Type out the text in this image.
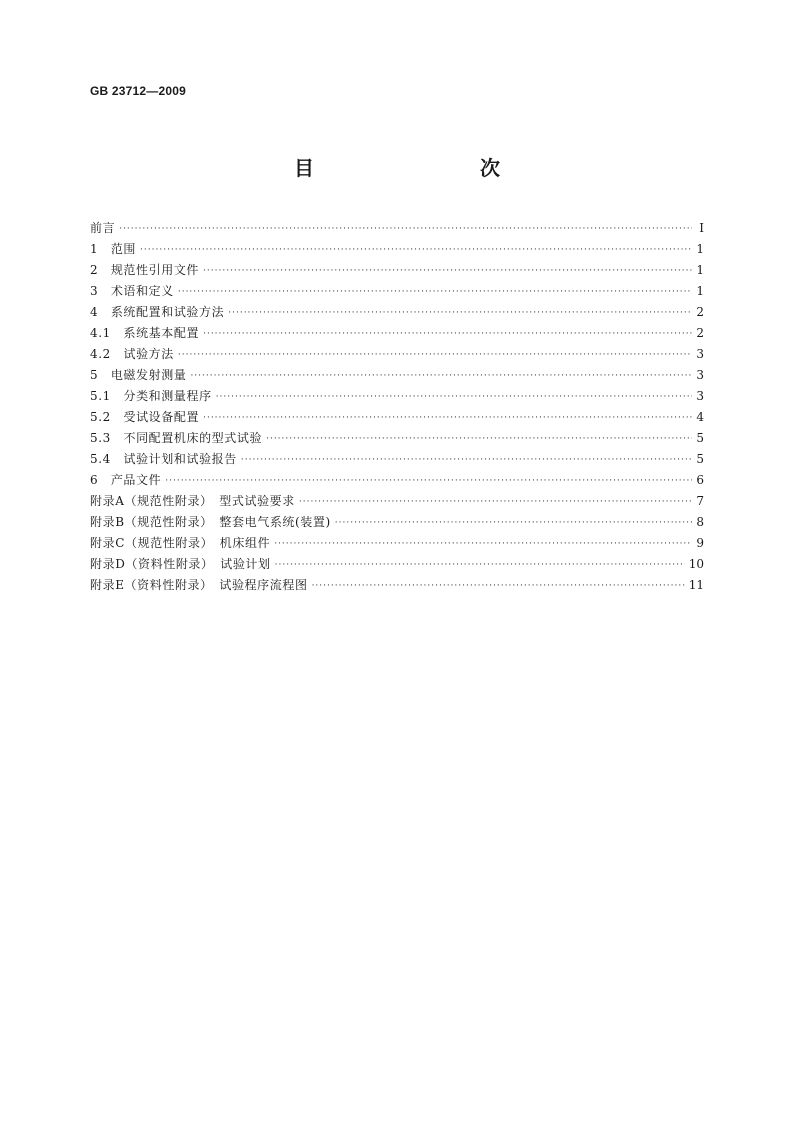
GB 23712—2009
目　　次
前言 ·····	Ⅰ
1　范围 ·····	1
2　规范性引用文件 ·····	1
3　术语和定义 ·····	1
4　系统配置和试验方法 ·····	2
4.1　系统基本配置 ·····	2
4.2　试验方法 ·····	3
5　电磁发射测量 ·····	3
5.1　分类和测量程序 ·····	3
5.2　受试设备配置 ·····	4
5.3　不同配置机床的型式试验 ·····	5
5.4　试验计划和试验报告 ·····	5
6　产品文件 ·····	6
附录A（规范性附录）　型式试验要求 ·····	7
附录B（规范性附录）　整套电气系统(装置) ·····	8
附录C（规范性附录）　机床组件 ·····	9
附录D（资料性附录）　试验计划 ·····	10
附录E（资料性附录）　试验程序流程图 ·····	11
